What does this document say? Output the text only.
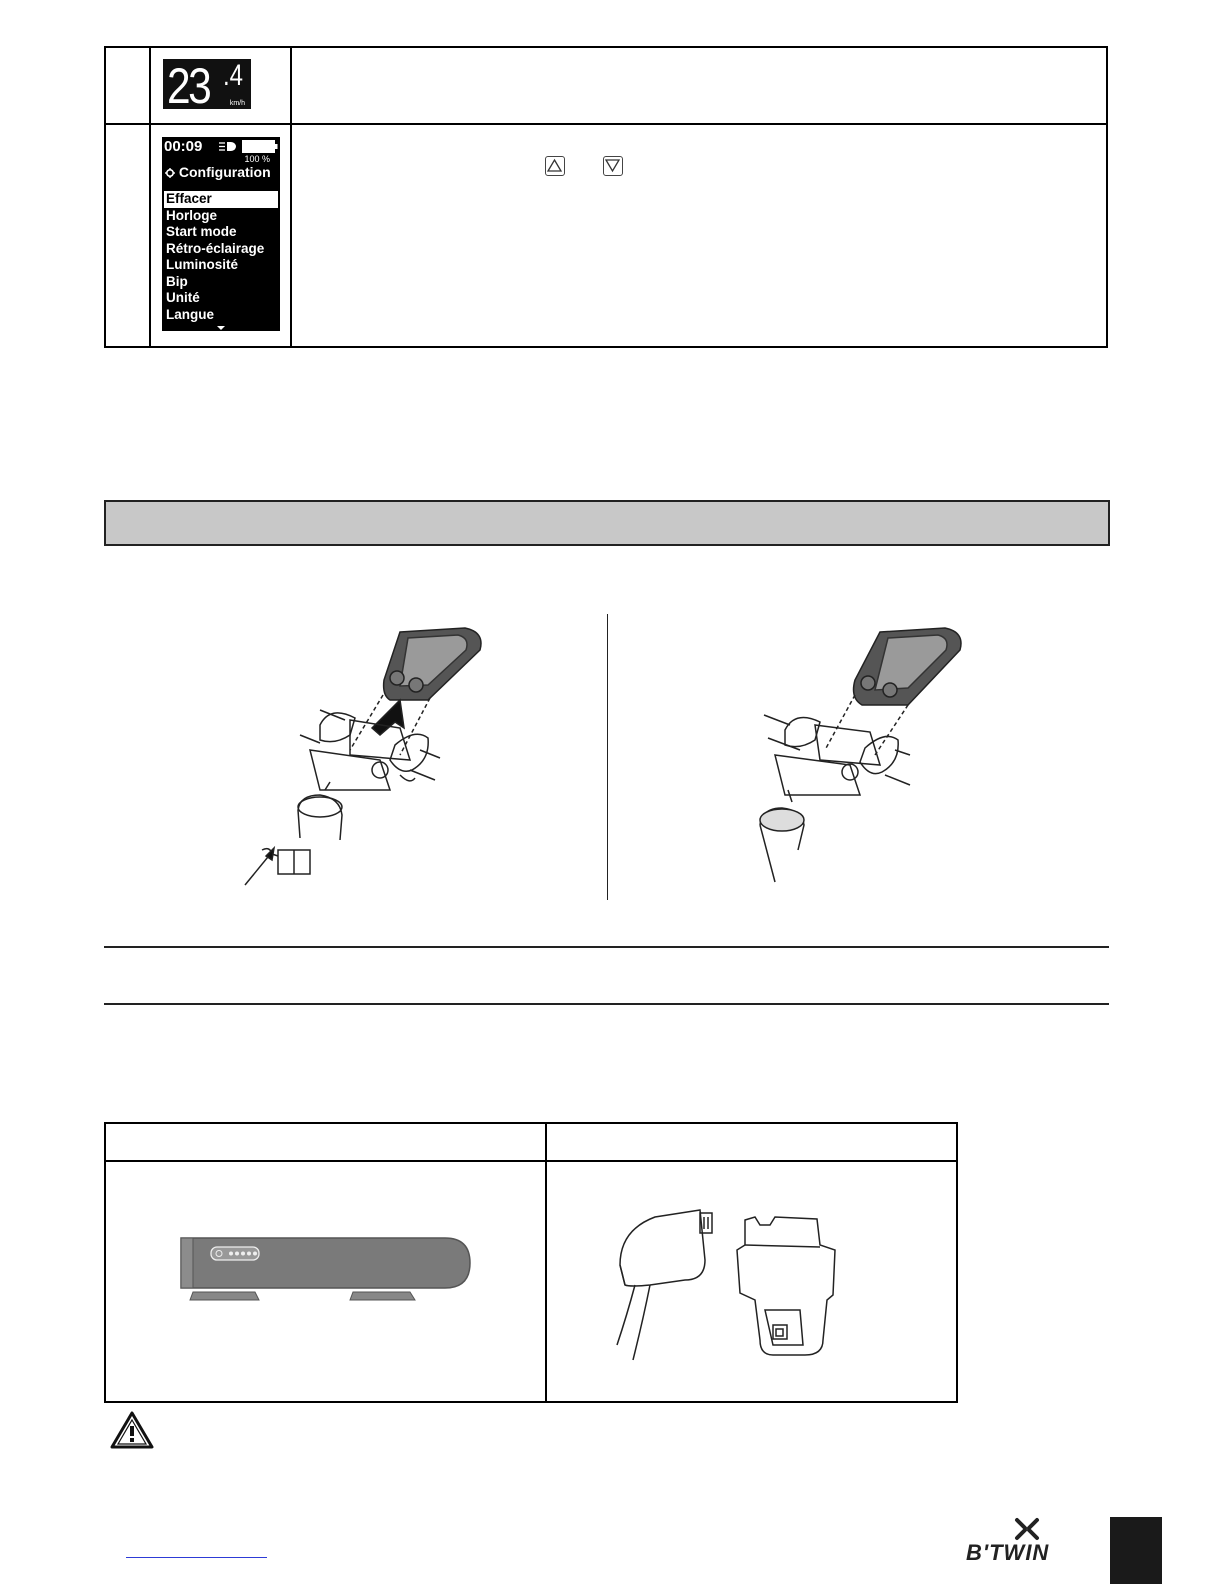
23 .4
km/h
00:09
100 %
Configuration
Effacer
Horloge
Start mode
Rétro-éclairage
Luminosité
Bip
Unité
Langue
B'TWIN
